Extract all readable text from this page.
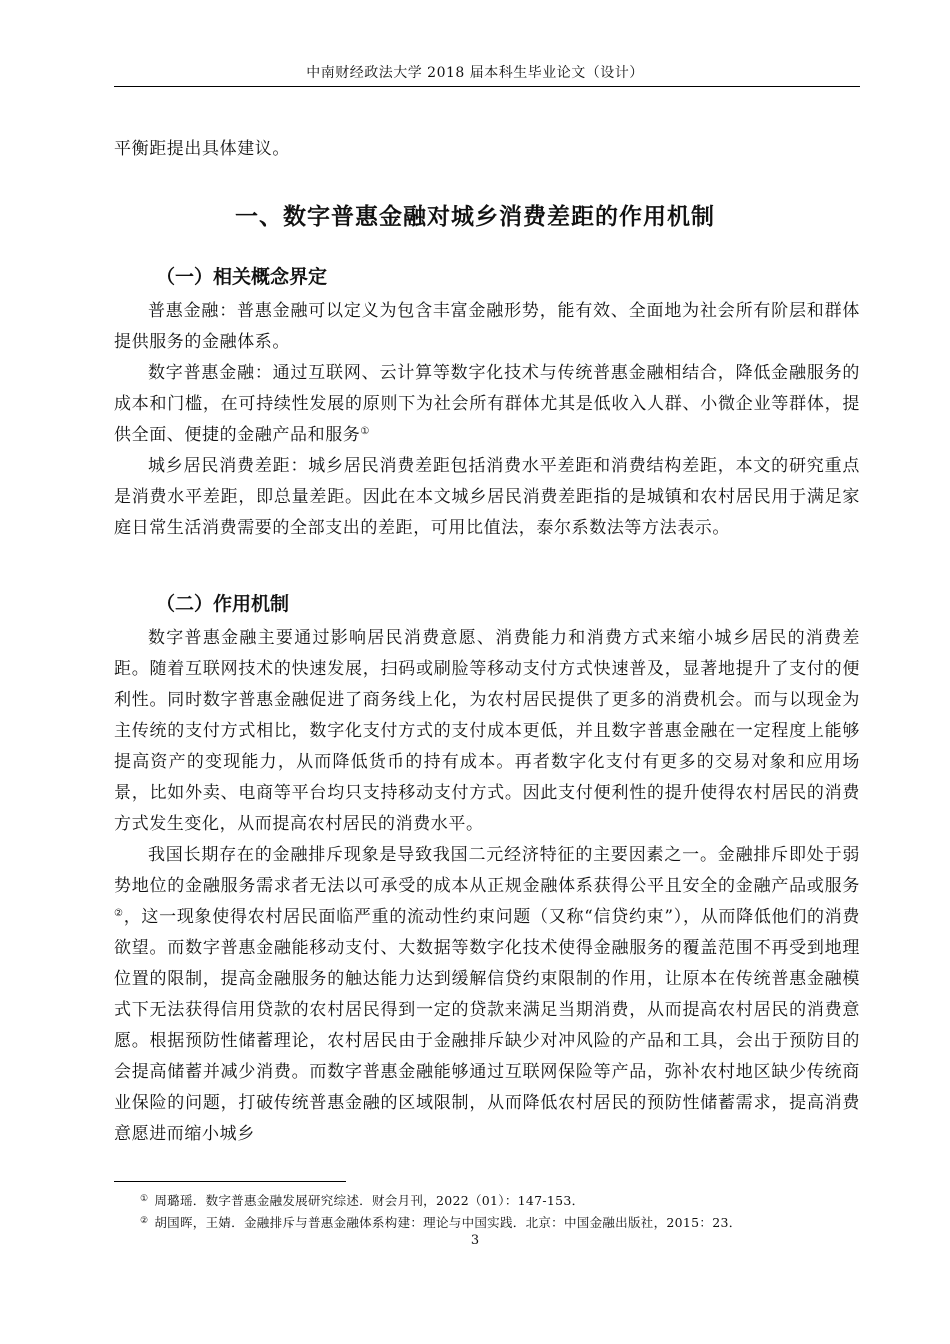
中南财经政法大学 2018 届本科生毕业论文（设计）
平衡距提出具体建议。
一、数字普惠金融对城乡消费差距的作用机制
（一）相关概念界定

普惠金融：普惠金融可以定义为包含丰富金融形势，能有效、全面地为社会所有阶层和群体提供服务的金融体系。

数字普惠金融：通过互联网、云计算等数字化技术与传统普惠金融相结合，降低金融服务的成本和门槛，在可持续性发展的原则下为社会所有群体尤其是低收入人群、小微企业等群体，提供全面、便捷的金融产品和服务①

城乡居民消费差距：城乡居民消费差距包括消费水平差距和消费结构差距，本文的研究重点是消费水平差距，即总量差距。因此在本文城乡居民消费差距指的是城镇和农村居民用于满足家庭日常生活消费需要的全部支出的差距，可用比值法，泰尔系数法等方法表示。

（二）作用机制

数字普惠金融主要通过影响居民消费意愿、消费能力和消费方式来缩小城乡居民的消费差距。随着互联网技术的快速发展，扫码或刷脸等移动支付方式快速普及，显著地提升了支付的便利性。同时数字普惠金融促进了商务线上化，为农村居民提供了更多的消费机会。而与以现金为主传统的支付方式相比，数字化支付方式的支付成本更低，并且数字普惠金融在一定程度上能够提高资产的变现能力，从而降低货币的持有成本。再者数字化支付有更多的交易对象和应用场景，比如外卖、电商等平台均只支持移动支付方式。因此支付便利性的提升使得农村居民的消费方式发生变化，从而提高农村居民的消费水平。

我国长期存在的金融排斥现象是导致我国二元经济特征的主要因素之一。金融排斥即处于弱势地位的金融服务需求者无法以可承受的成本从正规金融体系获得公平且安全的金融产品或服务②，这一现象使得农村居民面临严重的流动性约束问题（又称“信贷约束”），从而降低他们的消费欲望。而数字普惠金融能移动支付、大数据等数字化技术使得金融服务的覆盖范围不再受到地理位置的限制，提高金融服务的触达能力达到缓解信贷约束限制的作用，让原本在传统普惠金融模式下无法获得信用贷款的农村居民得到一定的贷款来满足当期消费，从而提高农村居民的消费意愿。根据预防性储蓄理论，农村居民由于金融排斥缺少对冲风险的产品和工具，会出于预防目的会提高储蓄并减少消费。而数字普惠金融能够通过互联网保险等产品，弥补农村地区缺少传统商业保险的问题，打破传统普惠金融的区域限制，从而降低农村居民的预防性储蓄需求，提高消费意愿进而缩小城乡

① 周璐瑶．数字普惠金融发展研究综述．财会月刊，2022（01）：147-153．
② 胡国晖，王婧．金融排斥与普惠金融体系构建：理论与中国实践．北京：中国金融出版社，2015：23．
3
